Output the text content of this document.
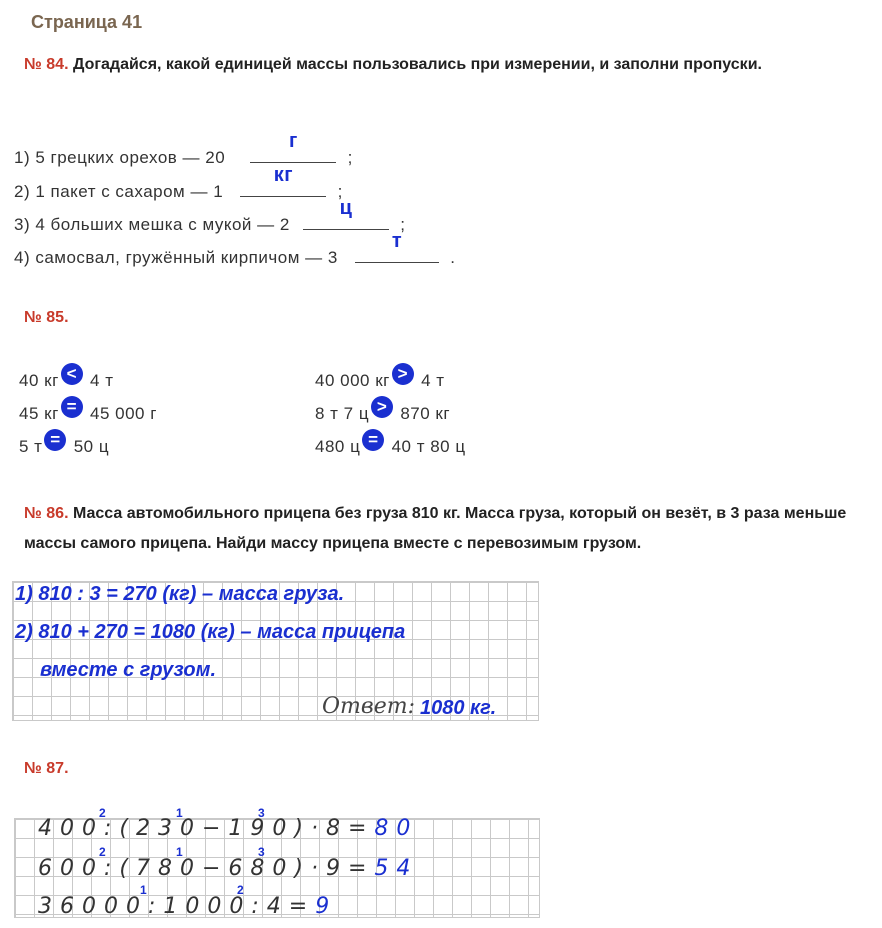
Страница 41
№ 84. Догадайся, какой единицей массы пользовались при измерении, и заполни пропуски.
1) 5 грецких орехов — 20
г
;
2) 1 пакет с сахаром — 1
кг
;
3) 4 больших мешка с мукой — 2
ц
;
4) самосвал, гружённый кирпичом — 3
т
.
№ 85.
40 кг < 4 т
45 кг = 45 000 г
5 т = 50 ц
40 000 кг > 4 т
8 т 7 ц > 870 кг
480 ц = 40 т 80 ц
№ 86. Масса автомобильного прицепа без груза 810 кг. Масса груза, который он везёт, в 3 раза меньше массы самого прицепа. Найди массу прицепа вместе с перевозимым грузом.
1) 810 : 3 = 270 (кг) – масса груза.
2) 810 + 270 = 1080 (кг) – масса прицепа
вместе с грузом.
Ответ: 1080 кг.
№ 87.
400:(230−190)·8=80
2	1	3
600:(780−680)·9=54
2	1	3
36000:1000:4=9
1	2
